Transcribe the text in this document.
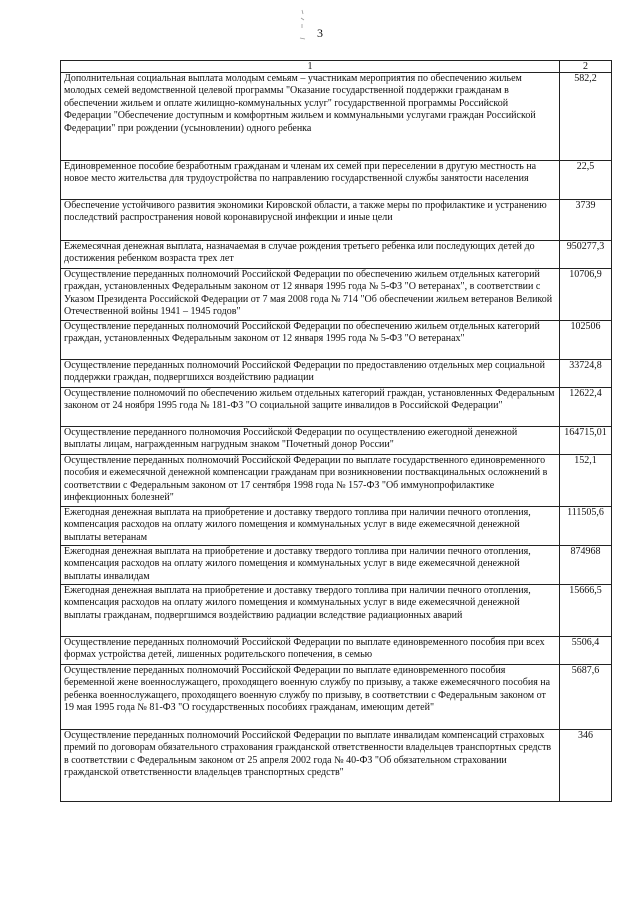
3
1	2
Дополнительная социальная выплата молодым семьям – участникам мероприятия по обеспечению жильем молодых семей ведомственной целевой программы "Оказание государственной поддержки гражданам в обеспечении жильем и оплате жилищно-коммунальных услуг" государственной программы Российской Федерации "Обеспечение доступным и комфортным жильем и коммунальными услугами граждан Российской Федерации" при рождении (усыновлении) одного ребенка	582,2
Единовременное пособие безработным гражданам и членам их семей при переселении в другую местность на новое место жительства для трудоустройства по направлению государственной службы занятости населения	22,5
Обеспечение устойчивого развития экономики Кировской области, а также меры по профилактике и устранению последствий распространения новой коронавирусной инфекции и иные цели	3739
Ежемесячная денежная выплата, назначаемая в случае рождения третьего ребенка или последующих детей до достижения ребенком возраста трех лет	950277,3
Осуществление переданных полномочий Российской Федерации по обеспечению жильем отдельных категорий граждан, установленных Федеральным законом от 12 января 1995 года № 5-ФЗ "О ветеранах", в соответствии с Указом Президента Российской Федерации от 7 мая 2008 года № 714 "Об обеспечении жильем ветеранов Великой Отечественной войны 1941 – 1945 годов"	10706,9
Осуществление переданных полномочий Российской Федерации по обеспечению жильем отдельных категорий граждан, установленных Федеральным законом от 12 января 1995 года № 5-ФЗ "О ветеранах"	102506
Осуществление переданных полномочий Российской Федерации по предоставлению отдельных мер социальной поддержки граждан, подвергшихся воздействию радиации	33724,8
Осуществление полномочий по обеспечению жильем отдельных категорий граждан, установленных Федеральным законом от 24 ноября 1995 года № 181-ФЗ "О социальной защите инвалидов в Российской Федерации"	12622,4
Осуществление переданного полномочия Российской Федерации по осуществлению ежегодной денежной выплаты лицам, награжденным нагрудным знаком "Почетный донор России"	164715,01
Осуществление переданных полномочий Российской Федерации по выплате государственного единовременного пособия и ежемесячной денежной компенсации гражданам при возникновении поствакцинальных осложнений в соответствии с Федеральным законом от 17 сентября 1998 года № 157-ФЗ "Об иммунопрофилактике инфекционных болезней"	152,1
Ежегодная денежная выплата на приобретение и доставку твердого топлива при наличии печного отопления, компенсация расходов на оплату жилого помещения и коммунальных услуг в виде ежемесячной денежной выплаты ветеранам	111505,6
Ежегодная денежная выплата на приобретение и доставку твердого топлива при наличии печного отопления, компенсация расходов на оплату жилого помещения и коммунальных услуг в виде ежемесячной денежной выплаты инвалидам	874968
Ежегодная денежная выплата на приобретение и доставку твердого топлива при наличии печного отопления, компенсация расходов на оплату жилого помещения и коммунальных услуг в виде ежемесячной денежной выплаты гражданам, подвергшимся воздействию радиации вследствие радиационных аварий	15666,5
Осуществление переданных полномочий Российской Федерации по выплате единовременного пособия при всех формах устройства детей, лишенных родительского попечения, в семью	5506,4
Осуществление переданных полномочий Российской Федерации по выплате единовременного пособия беременной жене военнослужащего, проходящего военную службу по призыву, а также ежемесячного пособия на ребенка военнослужащего, проходящего военную службу по призыву, в соответствии с Федеральным законом от 19 мая 1995 года № 81-ФЗ "О государственных пособиях гражданам, имеющим детей"	5687,6
Осуществление переданных полномочий Российской Федерации по выплате инвалидам компенсаций страховых премий по договорам обязательного страхования гражданской ответственности владельцев транспортных средств в соответствии с Федеральным законом от 25 апреля 2002 года № 40-ФЗ "Об обязательном страховании гражданской ответственности владельцев транспортных средств"	346
